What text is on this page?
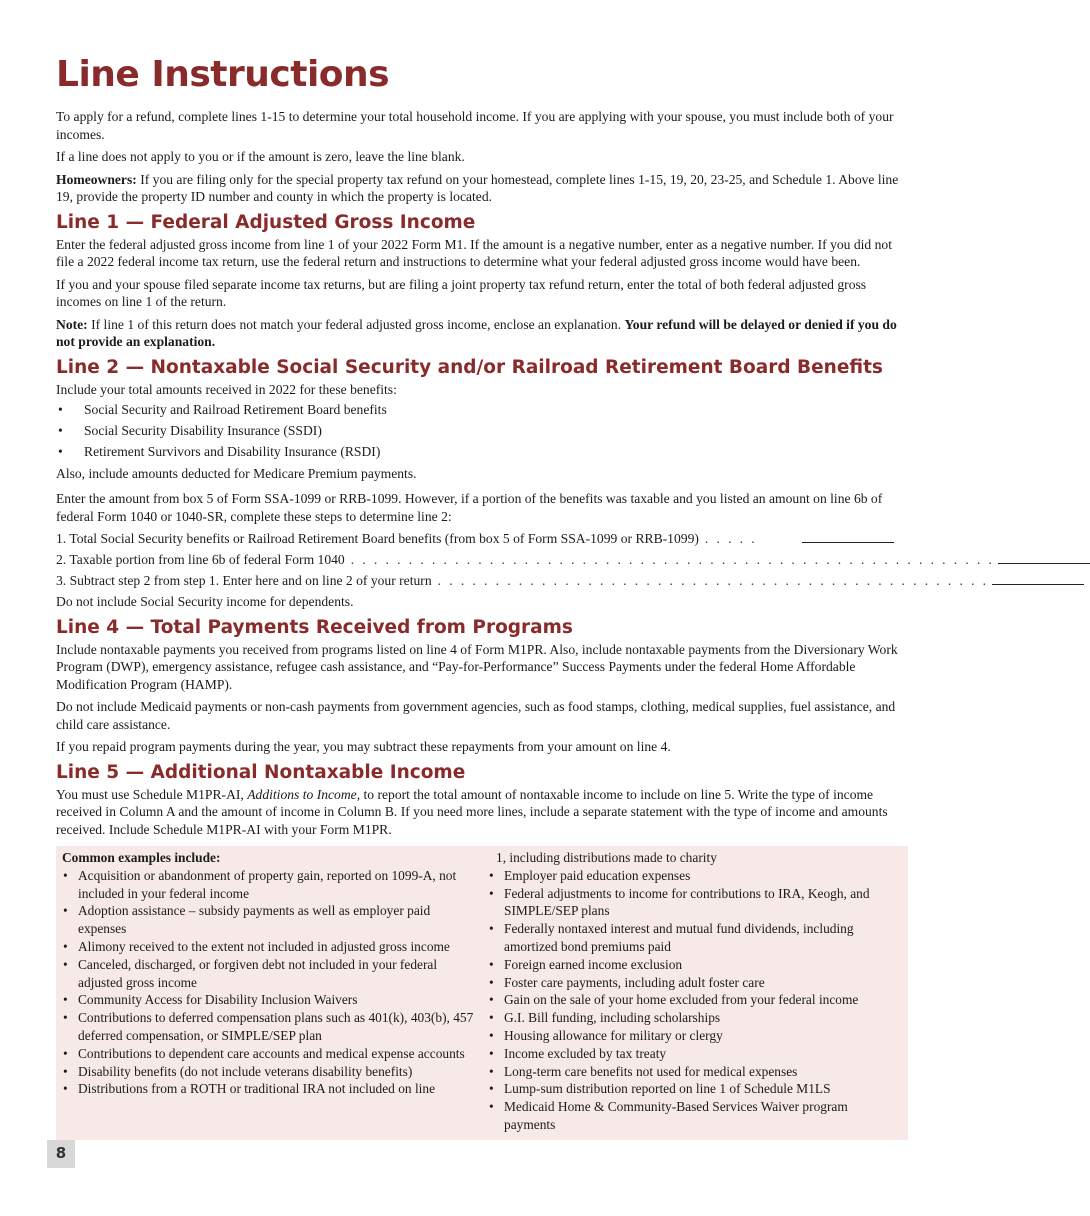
Line Instructions

To apply for a refund, complete lines 1-15 to determine your total household income. If you are applying with your spouse, you must include both of your incomes.

If a line does not apply to you or if the amount is zero, leave the line blank.

Homeowners: If you are filing only for the special property tax refund on your homestead, complete lines 1-15, 19, 20, 23-25, and Schedule 1. Above line 19, provide the property ID number and county in which the property is located.

Line 1 — Federal Adjusted Gross Income

Enter the federal adjusted gross income from line 1 of your 2022 Form M1. If the amount is a negative number, enter as a negative number. If you did not file a 2022 federal income tax return, use the federal return and instructions to determine what your federal adjusted gross income would have been.

If you and your spouse filed separate income tax returns, but are filing a joint property tax refund return, enter the total of both federal adjusted gross incomes on line 1 of the return.

Note: If line 1 of this return does not match your federal adjusted gross income, enclose an explanation. Your refund will be delayed or denied if you do not provide an explanation.

Line 2 — Nontaxable Social Security and/or Railroad Retirement Board Benefits

Include your total amounts received in 2022 for these benefits:

• Social Security and Railroad Retirement Board benefits
• Social Security Disability Insurance (SSDI)
• Retirement Survivors and Disability Insurance (RSDI)

Also, include amounts deducted for Medicare Premium payments.

Enter the amount from box 5 of Form SSA-1099 or RRB-1099. However, if a portion of the benefits was taxable and you listed an amount on line 6b of federal Form 1040 or 1040-SR, complete these steps to determine line 2:

1. Total Social Security benefits or Railroad Retirement Board benefits (from box 5 of Form SSA-1099 or RRB-1099) . . . . .
2. Taxable portion from line 6b of federal Form 1040 . . . . . . . . . . . . . . . . . . . . . . . . . . . . . . . . . . . . . . . . . . . . . . . . . . . . . . . .
3. Subtract step 2 from step 1. Enter here and on line 2 of your return . . . . . . . . . . . . . . . . . . . . . . . . . . . . . . . . . . . . . . . . . . . . . . . .

Do not include Social Security income for dependents.

Line 4 — Total Payments Received from Programs

Include nontaxable payments you received from programs listed on line 4 of Form M1PR. Also, include nontaxable payments from the Diversionary Work Program (DWP), emergency assistance, refugee cash assistance, and “Pay-for-Performance” Success Payments under the federal Home Affordable Modification Program (HAMP).

Do not include Medicaid payments or non-cash payments from government agencies, such as food stamps, clothing, medical supplies, fuel assistance, and child care assistance.

If you repaid program payments during the year, you may subtract these repayments from your amount on line 4.

Line 5 — Additional Nontaxable Income

You must use Schedule M1PR-AI, Additions to Income, to report the total amount of nontaxable income to include on line 5. Write the type of income received in Column A and the amount of income in Column B. If you need more lines, include a separate statement with the type of income and amounts received. Include Schedule M1PR-AI with your Form M1PR.

Common examples include:
• Acquisition or abandonment of property gain, reported on 1099-A, not included in your federal income
• Adoption assistance – subsidy payments as well as employer paid expenses
• Alimony received to the extent not included in adjusted gross income
• Canceled, discharged, or forgiven debt not included in your federal adjusted gross income
• Community Access for Disability Inclusion Waivers
• Contributions to deferred compensation plans such as 401(k), 403(b), 457 deferred compensation, or SIMPLE/SEP plan
• Contributions to dependent care accounts and medical expense accounts
• Disability benefits (do not include veterans disability benefits)
• Distributions from a ROTH or traditional IRA not included on line
1, including distributions made to charity
• Employer paid education expenses
• Federal adjustments to income for contributions to IRA, Keogh, and SIMPLE/SEP plans
• Federally nontaxed interest and mutual fund dividends, including amortized bond premiums paid
• Foreign earned income exclusion
• Foster care payments, including adult foster care
• Gain on the sale of your home excluded from your federal income
• G.I. Bill funding, including scholarships
• Housing allowance for military or clergy
• Income excluded by tax treaty
• Long-term care benefits not used for medical expenses
• Lump-sum distribution reported on line 1 of Schedule M1LS
• Medicaid Home & Community-Based Services Waiver program payments
8
